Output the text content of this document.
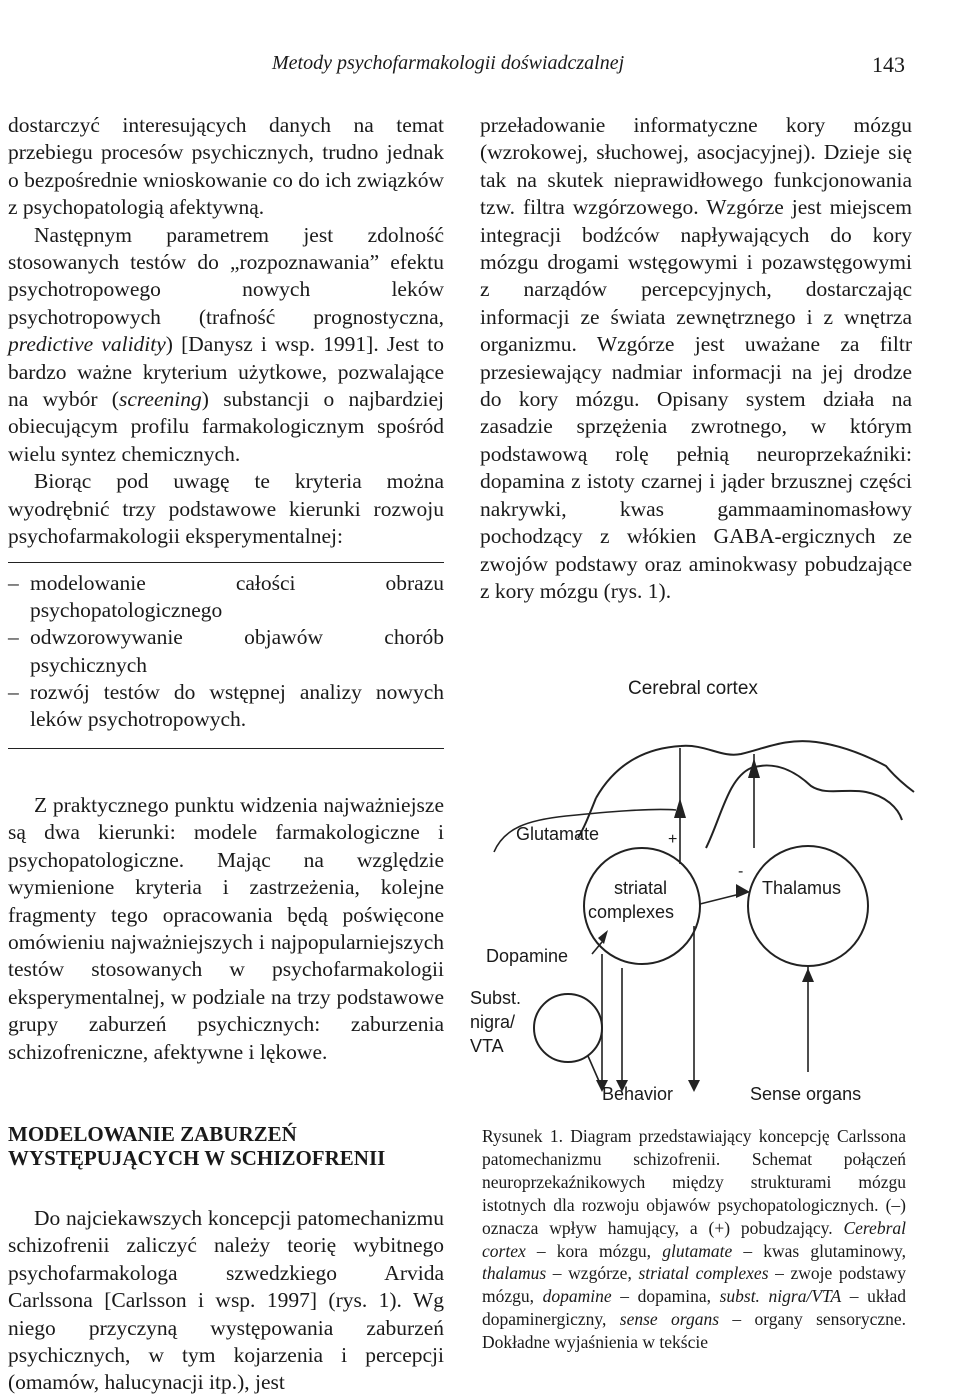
Metody psychofarmakologii doświadczalnej	143

dostarczyć interesujących danych na temat przebiegu procesów psychicznych, trudno jednak o bezpośrednie wnioskowanie co do ich związków z psychopatologią afektywną.

Następnym parametrem jest zdolność stosowanych testów do „rozpoznawania” efektu psychotropowego nowych leków psychotropowych (trafność prognostyczna, predictive validity) [Danysz i wsp. 1991]. Jest to bardzo ważne kryterium użytkowe, pozwalające na wybór (screening) substancji o najbardziej obiecującym profilu farmakologicznym spośród wielu syntez chemicznych.

Biorąc pod uwagę te kryteria można wyodrębnić trzy podstawowe kierunki rozwoju psychofarmakologii eksperymentalnej:

– modelowanie całości obrazu psychopatologicznego
– odwzorowywanie objawów chorób psychicznych
– rozwój testów do wstępnej analizy nowych leków psychotropowych.

Z praktycznego punktu widzenia najważniejsze są dwa kierunki: modele farmakologiczne i psychopatologiczne. Mając na względzie wymienione kryteria i zastrzeżenia, kolejne fragmenty tego opracowania będą poświęcone omówieniu najważniejszych i najpopularniejszych testów stosowanych w psychofarmakologii eksperymentalnej, w podziale na trzy podstawowe grupy zaburzeń psychicznych: zaburzenia schizofreniczne, afektywne i lękowe.

MODELOWANIE ZABURZEŃ
WYSTĘPUJĄCYCH W SCHIZOFRENII

Do najciekawszych koncepcji patomechanizmu schizofrenii zaliczyć należy teorię wybitnego psychofarmakologa szwedzkiego Arvida Carlssona [Carlsson i wsp. 1997] (rys. 1). Wg niego przyczyną występowania zaburzeń psychicznych, w tym kojarzenia i percepcji (omamów, halucynacji itp.), jest

przeładowanie informatyczne kory mózgu (wzrokowej, słuchowej, asocjacyjnej). Dzieje się tak na skutek nieprawidłowego funkcjonowania tzw. filtra wzgórzowego. Wzgórze jest miejscem integracji bodźców napływających do kory mózgu drogami wstęgowymi i pozawstęgowymi z narządów percepcyjnych, dostarczając informacji ze świata zewnętrznego i z wnętrza organizmu. Wzgórze jest uważane za filtr przesiewający nadmiar informacji na jej drodze do kory mózgu. Opisany system działa na zasadzie sprzężenia zwrotnego, w którym podstawową rolę pełnią neuroprzekaźniki: dopamina z istoty czarnej i jąder brzusznej części nakrywki, kwas gammaaminomasłowy pochodzący z włókien GABA-ergicznych ze zwojów podstawy oraz aminokwasy pobudzające z kory mózgu (rys. 1).

Cerebral cortex
Glutamate	+
striatal
complexes
Thalamus
-
Dopamine
Subst.
nigra/
VTA
Behavior	Sense organs
Rysunek 1. Diagram przedstawiający koncepcję Carlssona patomechanizmu schizofrenii. Schemat połączeń neuroprzekaźnikowych między strukturami mózgu istotnych dla rozwoju objawów psychopatologicznych. (–) oznacza wpływ hamujący, a (+) pobudzający. Cerebral cortex – kora mózgu, glutamate – kwas glutaminowy, thalamus – wzgórze, striatal complexes – zwoje podstawy mózgu, dopamine – dopamina, subst. nigra/VTA – układ dopaminergiczny, sense organs – organy sensoryczne. Dokładne wyjaśnienia w tekście
